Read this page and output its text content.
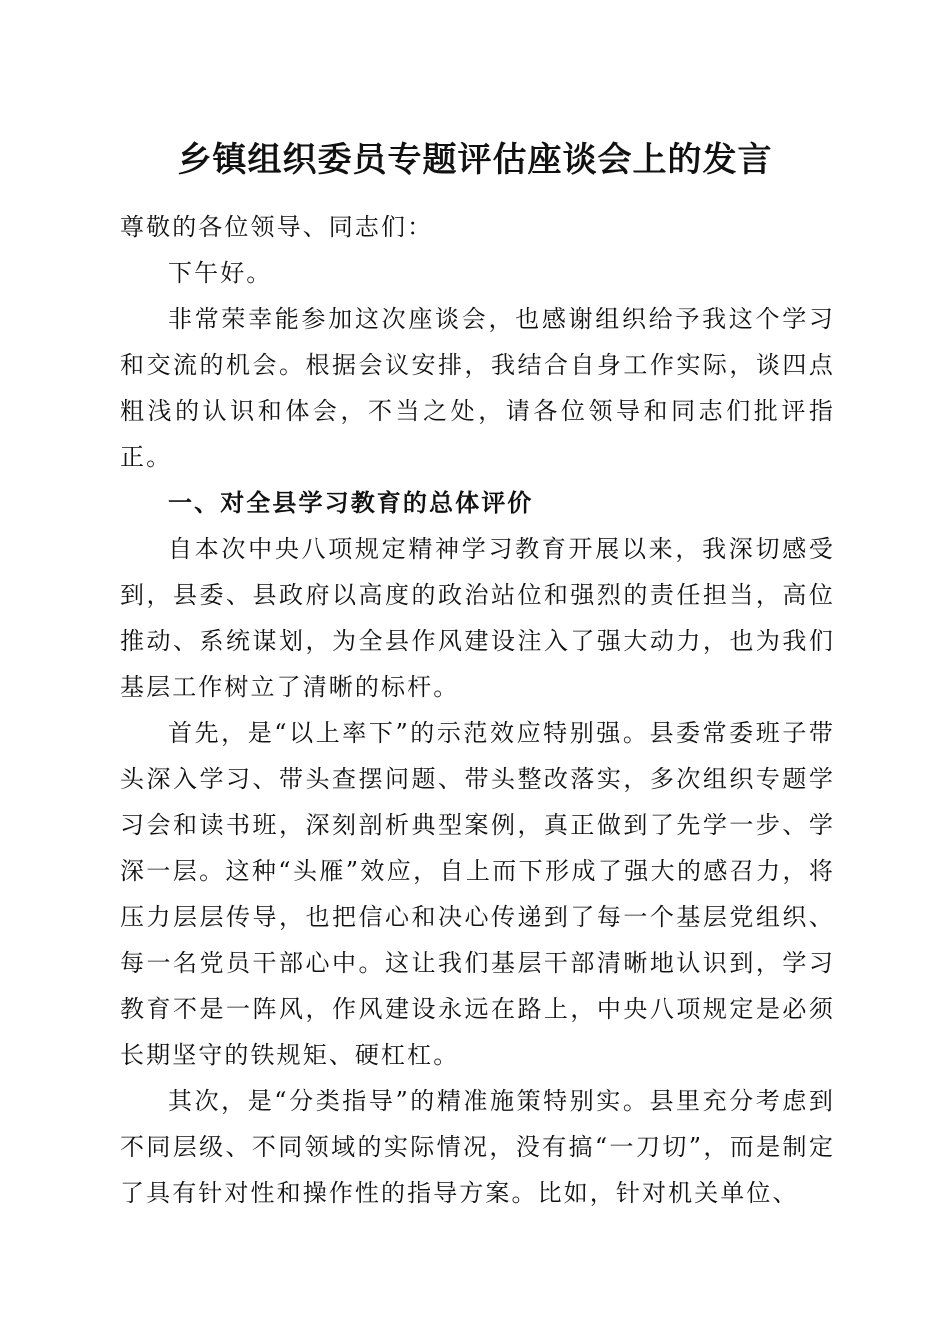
乡镇组织委员专题评估座谈会上的发言

尊敬的各位领导、同志们：

下午好。

非常荣幸能参加这次座谈会，也感谢组织给予我这个学习和交流的机会。根据会议安排，我结合自身工作实际，谈四点粗浅的认识和体会，不当之处，请各位领导和同志们批评指正。

一、对全县学习教育的总体评价

自本次中央八项规定精神学习教育开展以来，我深切感受到，县委、县政府以高度的政治站位和强烈的责任担当，高位推动、系统谋划，为全县作风建设注入了强大动力，也为我们基层工作树立了清晰的标杆。

首先，是“以上率下”的示范效应特别强。县委常委班子带头深入学习、带头查摆问题、带头整改落实，多次组织专题学习会和读书班，深刻剖析典型案例，真正做到了先学一步、学深一层。这种“头雁”效应，自上而下形成了强大的感召力，将压力层层传导，也把信心和决心传递到了每一个基层党组织、每一名党员干部心中。这让我们基层干部清晰地认识到，学习教育不是一阵风，作风建设永远在路上，中央八项规定是必须长期坚守的铁规矩、硬杠杠。

其次，是“分类指导”的精准施策特别实。县里充分考虑到不同层级、不同领域的实际情况，没有搞“一刀切”，而是制定了具有针对性和操作性的指导方案。比如，针对机关单位、
